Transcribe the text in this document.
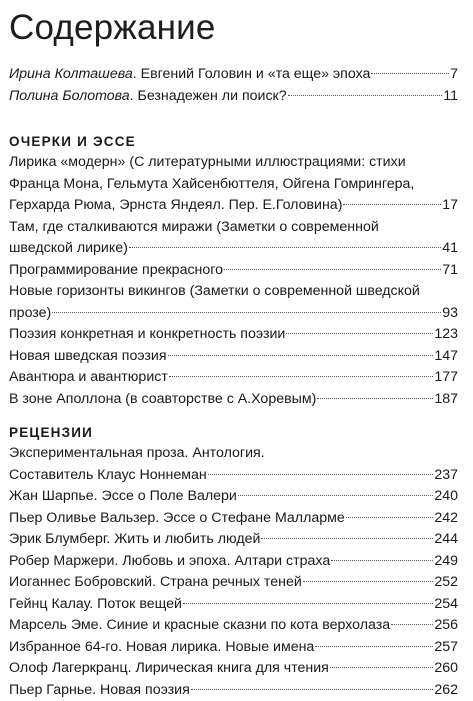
Содержание
Ирина Колташева. Евгений Головин и «та еще» эпоха	7
Полина Болотова. Безнадежен ли поиск?	11
ОЧЕРКИ И ЭССЕ
Лирика «модерн» (С литературными иллюстрациями: стихи
Франца Мона, Гельмута Хайсенбюттеля, Ойгена Гомрингера,
Герхарда Рюма, Эрнста Яндеял. Пер. Е.Головина)	17
Там, где сталкиваются миражи (Заметки о современной
шведской лирике)	41
Программирование прекрасного	71
Новые горизонты викингов (Заметки о современной шведской
прозе)	93
Поэзия конкретная и конкретность поэзии	123
Новая шведская поэзия	147
Авантюра и авантюрист	177
В зоне Аполлона (в соавторстве с А.Хоревым)	187
РЕЦЕНЗИИ
Экспериментальная проза. Антология.
Составитель Клаус Ноннеман	237
Жан Шарпье. Эссе о Поле Валери	240
Пьер Оливье Вальзер. Эссе о Стефане Малларме	242
Эрик Блумберг. Жить и любить людей	244
Робер Маржери. Любовь и эпоха. Алтари страха	249
Иоганнес Бобровский. Страна речных теней	252
Гейнц Калау. Поток вещей	254
Марсель Эме. Синие и красные сказни по кота верхолаза	256
Избранное 64-го. Новая лирика. Новые имена	257
Олоф Лагеркранц. Лирическая книга для чтения	260
Пьер Гарнье. Новая поэзия	262
